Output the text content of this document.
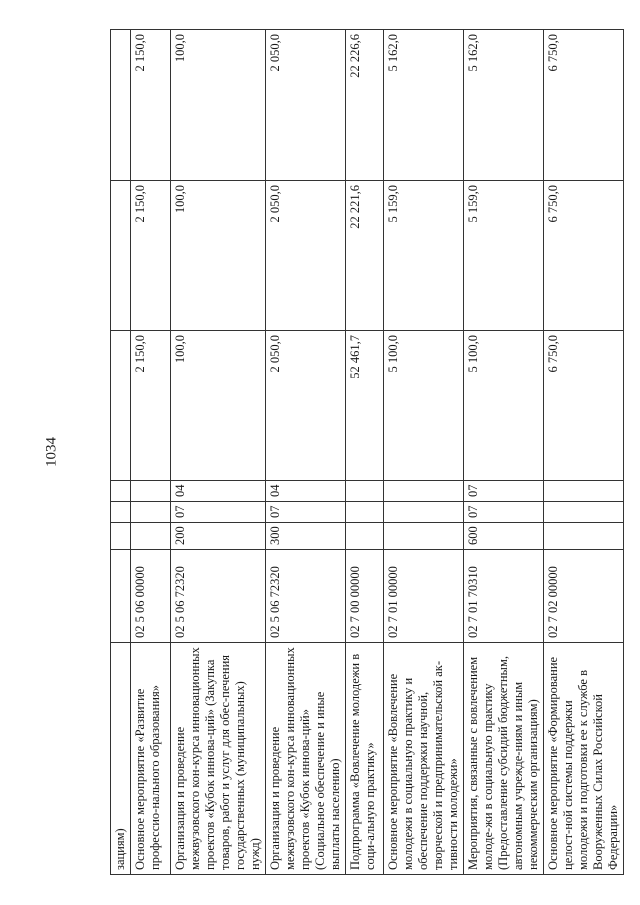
1034
зациям)							
Основное мероприятие «Развитие профессио-нального образования»	02 5 06 00000				2 150,0	2 150,0	2 150,0
Организация и проведение межвузовского кон-курса инновационных проектов «Кубок иннова-ций» (Закупка товаров, работ и услуг для обес-печения государственных (муниципальных) нужд)	02 5 06 72320	200	07	04	100,0	100,0	100,0
Организация и проведение межвузовского кон-курса инновационных проектов «Кубок иннова-ций» (Социальное обеспечение и иные выплаты населению)	02 5 06 72320	300	07	04	2 050,0	2 050,0	2 050,0
Подпрограмма «Вовлечение молодежи в соци-альную практику»	02 7 00 00000				52 461,7	22 221,6	22 226,6
Основное мероприятие «Вовлечение молодежи в социальную практику и обеспечение поддержки научной, творческой и предпринимательской ак-тивности молодежи»	02 7 01 00000				5 100,0	5 159,0	5 162,0
Мероприятия, связанные с вовлечением молоде-жи в социальную практику (Предоставление субсидий бюджетным, автономным учрежде-ниям и иным некоммерческим организациям)	02 7 01 70310	600	07	07	5 100,0	5 159,0	5 162,0
Основное мероприятие «Формирование целост-ной системы поддержки молодежи и подготовки ее к службе в Вооруженных Силах Российской Федерации»	02 7 02 00000				6 750,0	6 750,0	6 750,0
